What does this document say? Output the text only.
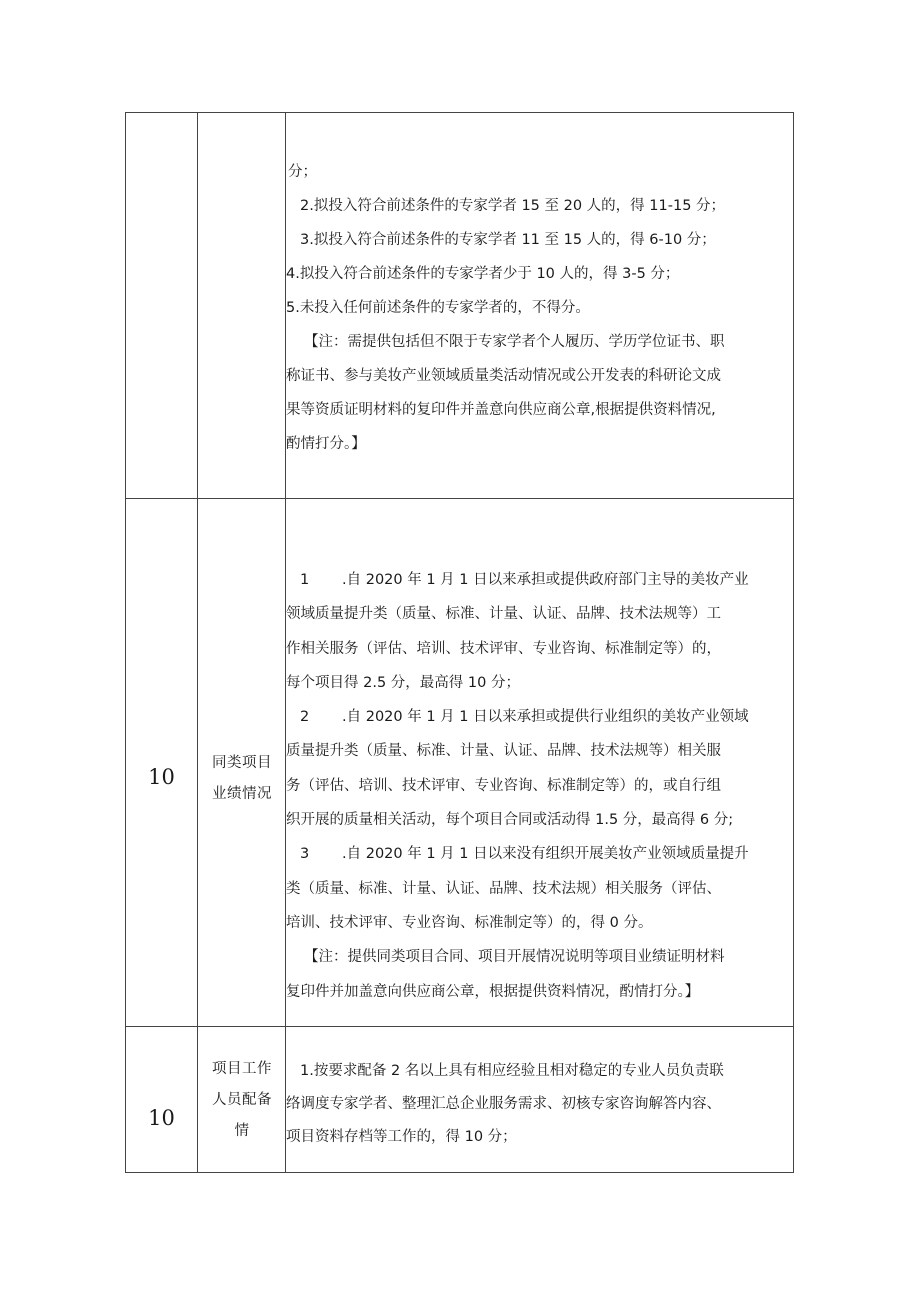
分；

2.拟投入符合前述条件的专家学者 15 至 20 人的，得 11-15 分；

3.拟投入符合前述条件的专家学者 11 至 15 人的，得 6-10 分；

4.拟投入符合前述条件的专家学者少于 10 人的，得 3-5 分；

5.未投入任何前述条件的专家学者的，不得分。

【注：需提供包括但不限于专家学者个人履历、学历学位证书、职

称证书、参与美妆产业领域质量类活动情况或公开发表的科研论文成

果等资质证明材料的复印件并盖意向供应商公章,根据提供资料情况,

酌情打分。】

10
同类项目
业绩情况

1 .自 2020 年 1 月 1 日以来承担或提供政府部门主导的美妆产业

领域质量提升类（质量、标准、计量、认证、品牌、技术法规等）工

作相关服务（评估、培训、技术评审、专业咨询、标准制定等）的，

每个项目得 2.5 分，最高得 10 分；

2 .自 2020 年 1 月 1 日以来承担或提供行业组织的美妆产业领域

质量提升类（质量、标准、计量、认证、品牌、技术法规等）相关服

务（评估、培训、技术评审、专业咨询、标准制定等）的，或自行组

织开展的质量相关活动，每个项目合同或活动得 1.5 分，最高得 6 分;

3 .自 2020 年 1 月 1 日以来没有组织开展美妆产业领域质量提升

类（质量、标准、计量、认证、品牌、技术法规）相关服务（评估、

培训、技术评审、专业咨询、标准制定等）的，得 0 分。

【注：提供同类项目合同、项目开展情况说明等项目业绩证明材料

复印件并加盖意向供应商公章，根据提供资料情况，酌情打分。】

10
项目工作
人员配备
情

1.按要求配备 2 名以上具有相应经验且相对稳定的专业人员负责联

络调度专家学者、整理汇总企业服务需求、初核专家咨询解答内容、

项目资料存档等工作的，得 10 分；
